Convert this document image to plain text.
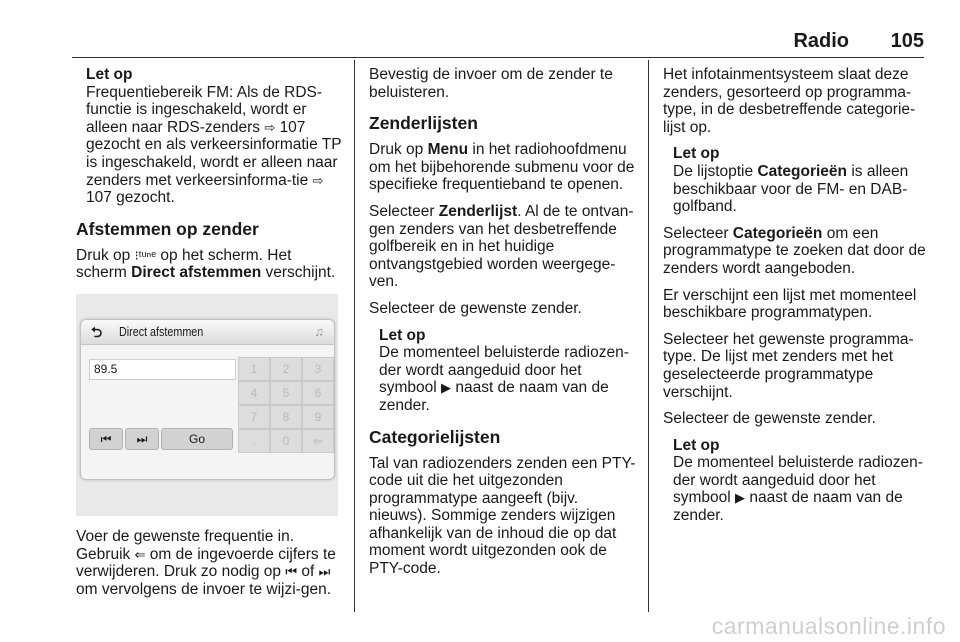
Radio 105
Let op
Frequentiebereik FM: Als de RDS-functie is ingeschakeld, wordt er alleen naar RDS-zenders ⇨ 107 gezocht en als verkeersinformatie TP is ingeschakeld, wordt er alleen naar zenders met verkeersinforma-tie ⇨ 107 gezocht.
Afstemmen op zender

Druk op ⁝ᵗᵘⁿᵉ op het scherm. Het scherm Direct afstemmen verschijnt.

⮌ Direct afstemmen	♫
89.5
⏮	⏭	Go
1	2	3
4	5	6
7	8	9
.	0	⇐

Voer de gewenste frequentie in.

Gebruik ⇐ om de ingevoerde cijfers te verwijderen. Druk zo nodig op ⏮ of ⏭ om vervolgens de invoer te wijzi-gen.

Bevestig de invoer om de zender te beluisteren.

Zenderlijsten

Druk op Menu in het radiohoofdmenu om het bijbehorende submenu voor de specifieke frequentieband te openen.

Selecteer Zenderlijst. Al de te ontvan-gen zenders van het desbetreffende golfbereik en in het huidige ontvangstgebied worden weergege-ven.

Selecteer de gewenste zender.

Let op
De momenteel beluisterde radiozen-der wordt aangeduid door het symbool ▶ naast de naam van de zender.
Categorielijsten

Tal van radiozenders zenden een PTY-code uit die het uitgezonden programmatype aangeeft (bijv. nieuws). Sommige zenders wijzigen afhankelijk van de inhoud die op dat moment wordt uitgezonden ook de PTY-code.

Het infotainmentsysteem slaat deze zenders, gesorteerd op programma-type, in de desbetreffende categorie-lijst op.

Let op
De lijstoptie Categorieën is alleen beschikbaar voor de FM- en DAB-golfband.

Selecteer Categorieën om een programmatype te zoeken dat door de zenders wordt aangeboden.

Er verschijnt een lijst met momenteel beschikbare programmatypen.

Selecteer het gewenste programma-type. De lijst met zenders met het geselecteerde programmatype verschijnt.

Selecteer de gewenste zender.

Let op
De momenteel beluisterde radiozen-der wordt aangeduid door het symbool ▶ naast de naam van de zender.
carmanualsonline.info
